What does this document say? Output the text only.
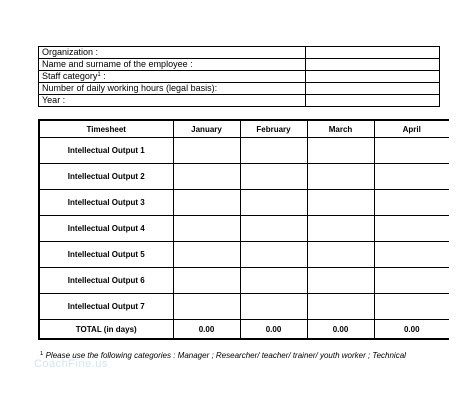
Organization :	
Name and surname of the employee :	
Staff category$^1$ :	
Number of daily working hours (legal basis):	
Year :	
Timesheet	January	February	March	April
Intellectual Output 1				
Intellectual Output 2				
Intellectual Output 3				
Intellectual Output 4				
Intellectual Output 5				
Intellectual Output 6				
Intellectual Output 7				
TOTAL (in days)	0.00	0.00	0.00	0.00
$^1$ Please use the following categories : Manager ; Researcher/ teacher/ trainer/ youth worker ; Technical
CoachFine.us
